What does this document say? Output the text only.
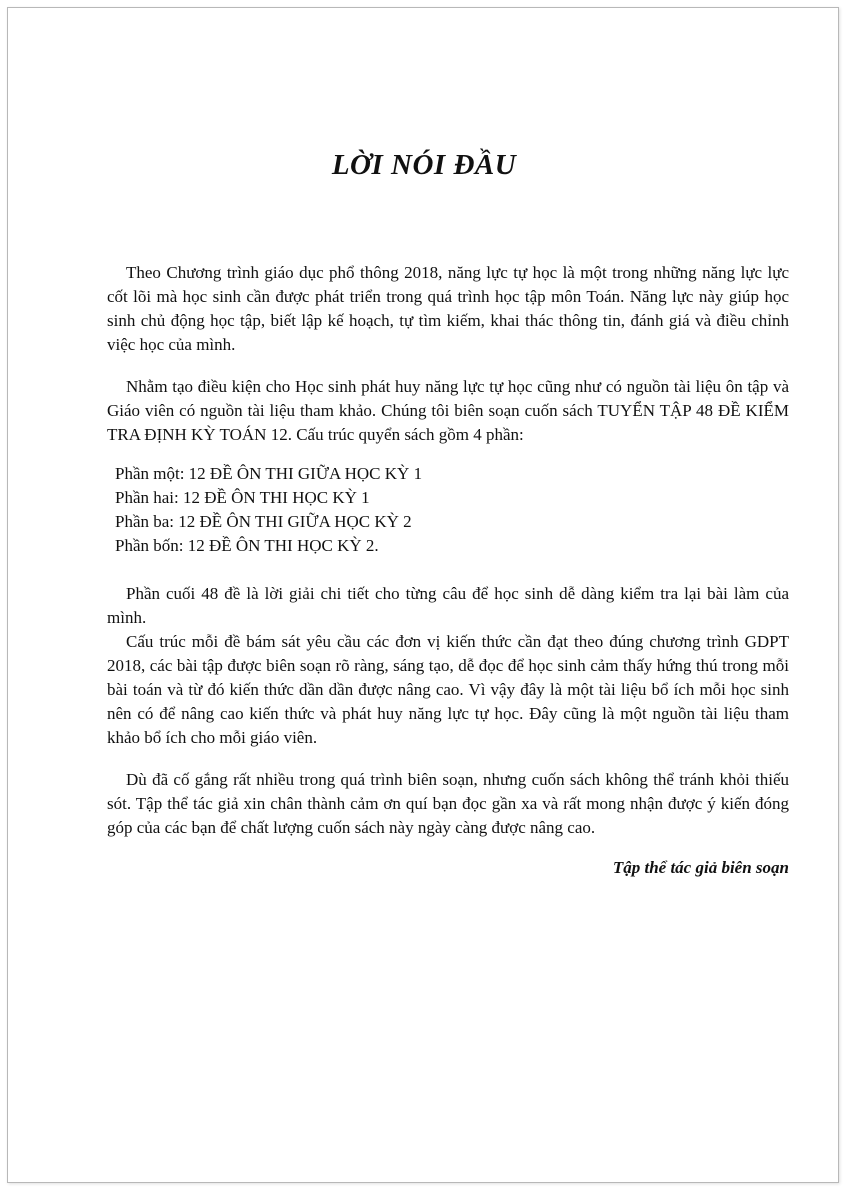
LỜI NÓI ĐẦU

Theo Chương trình giáo dục phổ thông 2018, năng lực tự học là một trong những năng lực lực cốt lõi mà học sinh cần được phát triển trong quá trình học tập môn Toán. Năng lực này giúp học sinh chủ động học tập, biết lập kế hoạch, tự tìm kiếm, khai thác thông tin, đánh giá và điều chỉnh việc học của mình.

Nhằm tạo điều kiện cho Học sinh phát huy năng lực tự học cũng như có nguồn tài liệu ôn tập và Giáo viên có nguồn tài liệu tham khảo. Chúng tôi biên soạn cuốn sách TUYỂN TẬP 48 ĐỀ KIỂM TRA ĐỊNH KỲ TOÁN 12. Cấu trúc quyển sách gồm 4 phần:

Phần một: 12 ĐỀ ÔN THI GIỮA HỌC KỲ 1
Phần hai: 12 ĐỀ ÔN THI HỌC KỲ 1
Phần ba: 12 ĐỀ ÔN THI GIỮA HỌC KỲ 2
Phần bốn: 12 ĐỀ ÔN THI HỌC KỲ 2.

Phần cuối 48 đề là lời giải chi tiết cho từng câu để học sinh dễ dàng kiểm tra lại bài làm của mình.

Cấu trúc mỗi đề bám sát yêu cầu các đơn vị kiến thức cần đạt theo đúng chương trình GDPT 2018, các bài tập được biên soạn rõ ràng, sáng tạo, dễ đọc để học sinh cảm thấy hứng thú trong mỗi bài toán và từ đó kiến thức dần dần được nâng cao. Vì vậy đây là một tài liệu bổ ích mỗi học sinh nên có để nâng cao kiến thức và phát huy năng lực tự học. Đây cũng là một nguồn tài liệu tham khảo bổ ích cho mỗi giáo viên.

Dù đã cố gắng rất nhiều trong quá trình biên soạn, nhưng cuốn sách không thể tránh khỏi thiếu sót. Tập thể tác giả xin chân thành cảm ơn quí bạn đọc gần xa và rất mong nhận được ý kiến đóng góp của các bạn để chất lượng cuốn sách này ngày càng được nâng cao.

Tập thể tác giả biên soạn
